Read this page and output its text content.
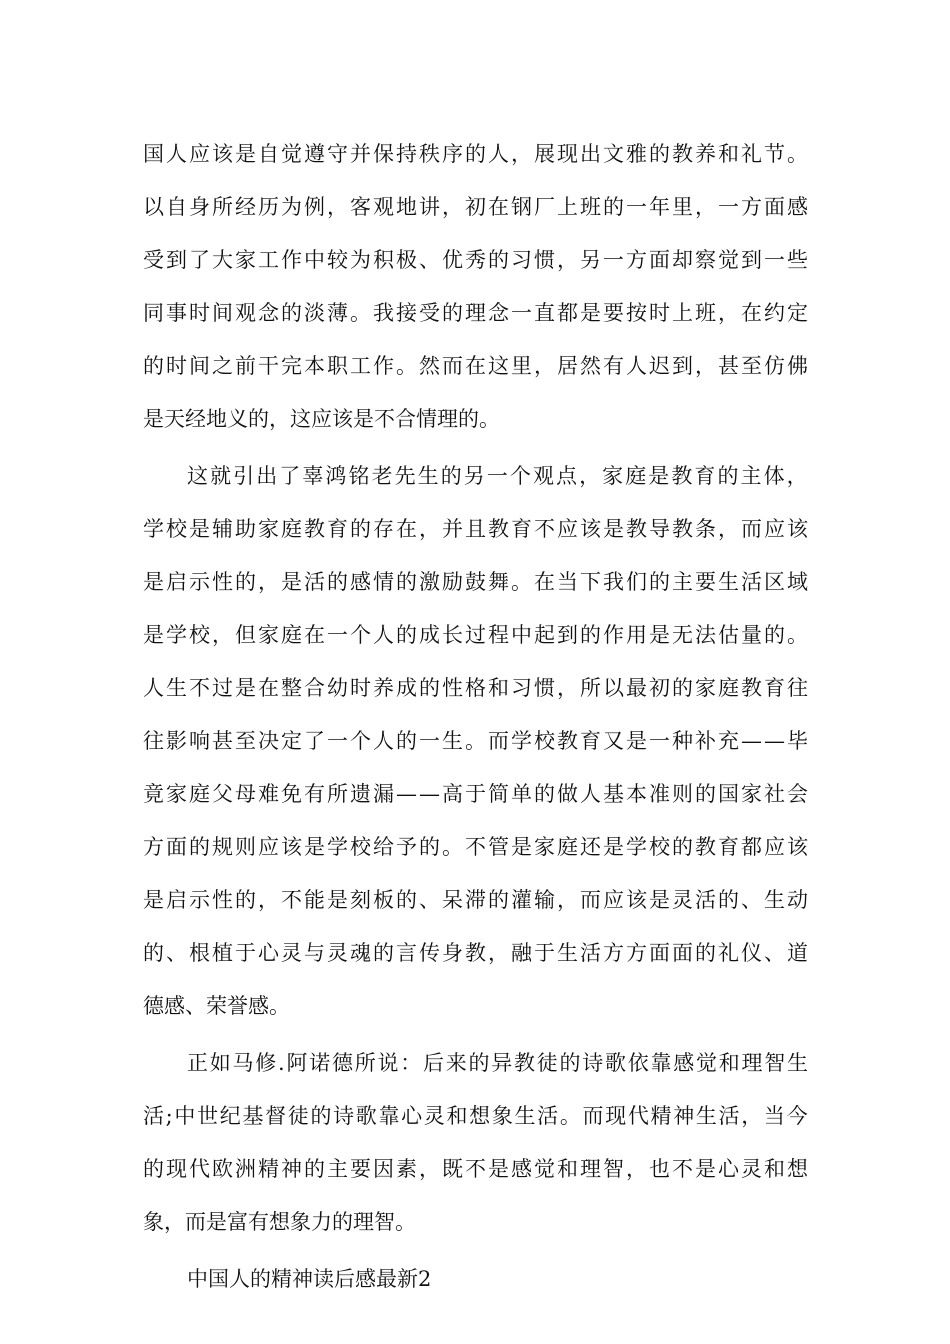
国 人 应 该 是 自 觉 遵 守 并 保 持 秩 序 的 人 ， 展 现 出 文 雅 的 教 养 和 礼 节 。
以 自 身 所 经 历 为 例 ， 客 观 地 讲 ， 初 在 钢 厂 上 班 的 一 年 里 ， 一 方 面 感
受 到 了 大 家 工 作 中 较 为 积 极 、 优 秀 的 习 惯 ， 另 一 方 面 却 察 觉 到 一 些
同 事 时 间 观 念 的 淡 薄 。 我 接 受 的 理 念 一 直 都 是 要 按 时 上 班 ， 在 约 定
的 时 间 之 前 干 完 本 职 工 作 。 然 而 在 这 里 ， 居 然 有 人 迟 到 ， 甚 至 仿 佛
是天经地义的，这应该是不合情理的。
这 就 引 出 了 辜 鸿 铭 老 先 生 的 另 一 个 观 点 ， 家 庭 是 教 育 的 主 体 ，
学 校 是 辅 助 家 庭 教 育 的 存 在 ， 并 且 教 育 不 应 该 是 教 导 教 条 ， 而 应 该
是 启 示 性 的 ， 是 活 的 感 情 的 激 励 鼓 舞 。 在 当 下 我 们 的 主 要 生 活 区 域
是 学 校 ， 但 家 庭 在 一 个 人 的 成 长 过 程 中 起 到 的 作 用 是 无 法 估 量 的 。
人 生 不 过 是 在 整 合 幼 时 养 成 的 性 格 和 习 惯 ， 所 以 最 初 的 家 庭 教 育 往
往 影 响 甚 至 决 定 了 一 个 人 的 一 生 。 而 学 校 教 育 又 是 一 种 补 充 — — 毕
竟 家 庭 父 母 难 免 有 所 遗 漏 — — 高 于 简 单 的 做 人 基 本 准 则 的 国 家 社 会
方 面 的 规 则 应 该 是 学 校 给 予 的 。 不 管 是 家 庭 还 是 学 校 的 教 育 都 应 该
是 启 示 性 的 ， 不 能 是 刻 板 的 、 呆 滞 的 灌 输 ， 而 应 该 是 灵 活 的 、 生 动
的 、 根 植 于 心 灵 与 灵 魂 的 言 传 身 教 ， 融 于 生 活 方 方 面 面 的 礼 仪 、 道
德感、荣誉感。
正 如 马 修 . 阿 诺 德 所 说 ： 后 来 的 异 教 徒 的 诗 歌 依 靠 感 觉 和 理 智 生
活 ; 中 世 纪 基 督 徒 的 诗 歌 靠 心 灵 和 想 象 生 活 。 而 现 代 精 神 生 活 ， 当 今
的 现 代 欧 洲 精 神 的 主 要 因 素 ， 既 不 是 感 觉 和 理 智 ， 也 不 是 心 灵 和 想
象，而是富有想象力的理智。
中国人的精神读后感最新2
